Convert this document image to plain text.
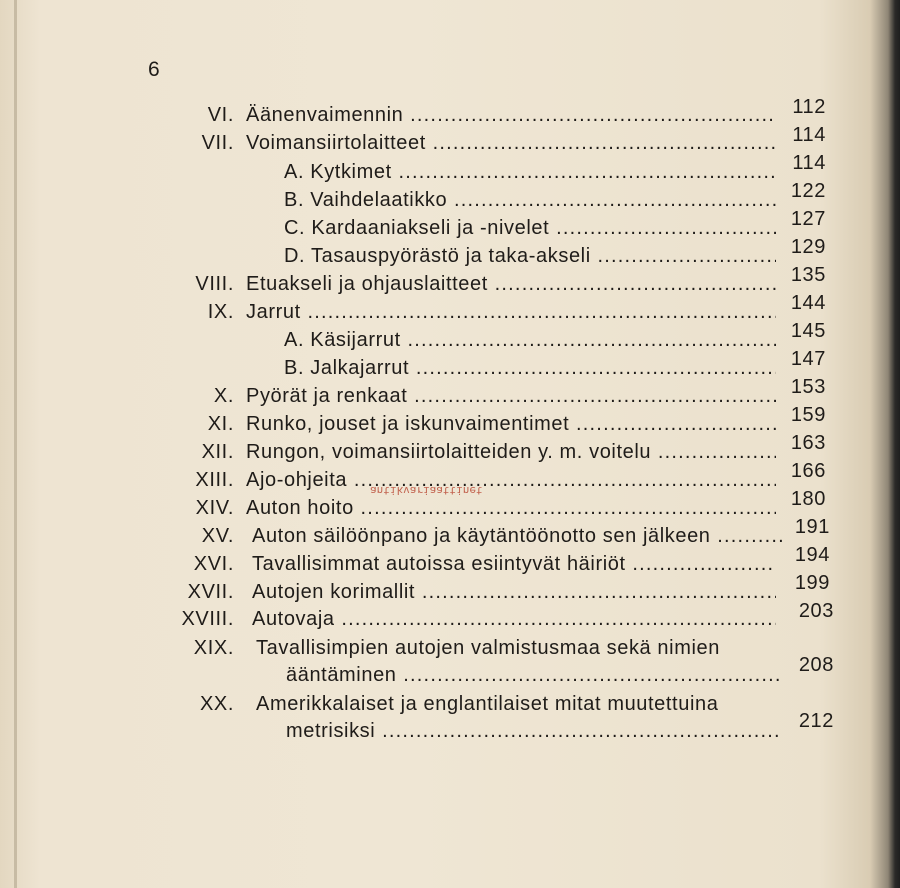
6
VI. Äänenvaimennin .....	112
VII. Voimansiirtolaitteet .....	114
A. Kytkimet .....	114
B. Vaihdelaatikko .....	122
C. Kardaaniakseli ja -nivelet .....	127
D. Tasauspyörästö ja taka-akseli .....	129
VIII. Etuakseli ja ohjauslaitteet .....	135
IX. Jarrut .....	144
A. Käsijarrut .....	145
B. Jalkajarrut .....	147
X. Pyörät ja renkaat .....	153
XI. Runko, jouset ja iskunvaimentimet .....	159
XII. Rungon, voimansiirtolaitteiden y. m. voitelu .....	163
XIII. Ajo-ohjeita .....	166
XIV. Auton hoito .....	180
XV. Auton säilöönpano ja käytäntöönotto sen jälkeen .....	191
XVI. Tavallisimmat autoissa esiintyvät häiriöt .....	194
XVII. Autojen korimallit .....	199
XVIII. Autovaja .....	203
XIX. Tavallisimpien autojen valmistusmaa sekä nimien
ääntäminen .....	208
XX. Amerikkalaiset ja englantilaiset mitat muutettuina
metrisiksi .....	212
antikvariaattinet
